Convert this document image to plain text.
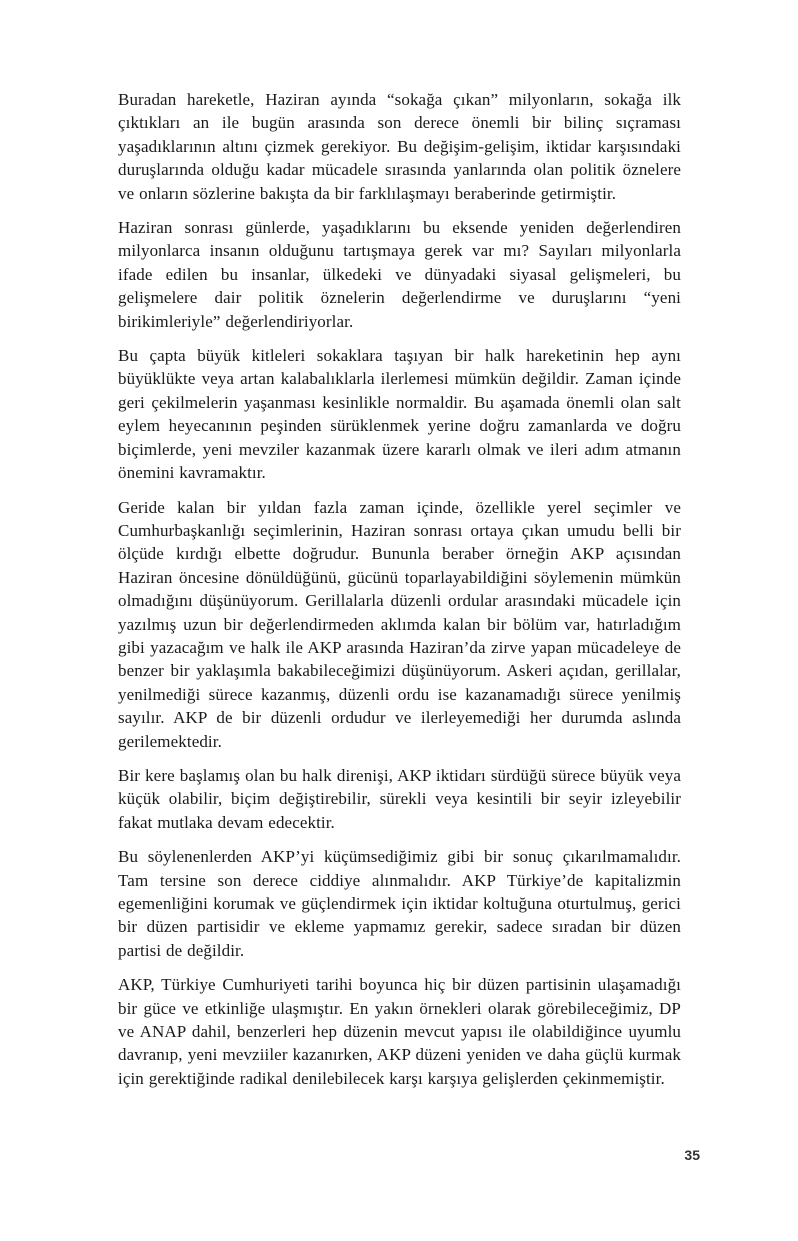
Buradan hareketle, Haziran ayında “sokağa çıkan” milyonların, sokağa ilk çıktıkları an ile bugün arasında son derece önemli bir bilinç sıçraması yaşadıklarının altını çizmek gerekiyor. Bu değişim-gelişim, iktidar karşısındaki duruşlarında olduğu kadar mücadele sırasında yanlarında olan politik öznelere ve onların sözlerine bakışta da bir farklılaşmayı beraberinde getirmiştir.

Haziran sonrası günlerde, yaşadıklarını bu eksende yeniden değerlendiren milyonlarca insanın olduğunu tartışmaya gerek var mı? Sayıları milyonlarla ifade edilen bu insanlar, ülkedeki ve dünyadaki siyasal gelişmeleri, bu gelişmelere dair politik öznelerin değerlendirme ve duruşlarını “yeni birikimleriyle” değerlendiriyorlar.

Bu çapta büyük kitleleri sokaklara taşıyan bir halk hareketinin hep aynı büyüklükte veya artan kalabalıklarla ilerlemesi mümkün değildir. Zaman içinde geri çekilmelerin yaşanması kesinlikle normaldir. Bu aşamada önemli olan salt eylem heyecanının peşinden sürüklenmek yerine doğru zamanlarda ve doğru biçimlerde, yeni mevziler kazanmak üzere kararlı olmak ve ileri adım atmanın önemini kavramaktır.

Geride kalan bir yıldan fazla zaman içinde, özellikle yerel seçimler ve Cumhurbaşkanlığı seçimlerinin, Haziran sonrası ortaya çıkan umudu belli bir ölçüde kırdığı elbette doğrudur. Bununla beraber örneğin AKP açısından Haziran öncesine dönüldüğünü, gücünü toparlayabildiğini söylemenin mümkün olmadığını düşünüyorum. Gerillalarla düzenli ordular arasındaki mücadele için yazılmış uzun bir değerlendirmeden aklımda kalan bir bölüm var, hatırladığım gibi yazacağım ve halk ile AKP arasında Haziran’da zirve yapan mücadeleye de benzer bir yaklaşımla bakabileceğimizi düşünüyorum. Askeri açıdan, gerillalar, yenilmediği sürece kazanmış, düzenli ordu ise kazanamadığı sürece yenilmiş sayılır. AKP de bir düzenli ordudur ve ilerleyemediği her durumda aslında gerilemektedir.

Bir kere başlamış olan bu halk direnişi, AKP iktidarı sürdüğü sürece büyük veya küçük olabilir, biçim değiştirebilir, sürekli veya kesintili bir seyir izleyebilir fakat mutlaka devam edecektir.

Bu söylenenlerden AKP’yi küçümsediğimiz gibi bir sonuç çıkarılmamalıdır. Tam tersine son derece ciddiye alınmalıdır. AKP Türkiye’de kapitalizmin egemenliğini korumak ve güçlendirmek için iktidar koltuğuna oturtulmuş, gerici bir düzen partisidir ve ekleme yapmamız gerekir, sadece sıradan bir düzen partisi de değildir.

AKP, Türkiye Cumhuriyeti tarihi boyunca hiç bir düzen partisinin ulaşamadığı bir güce ve etkinliğe ulaşmıştır. En yakın örnekleri olarak görebileceğimiz, DP ve ANAP dahil, benzerleri hep düzenin mevcut yapısı ile olabildiğince uyumlu davranıp, yeni mevziiler kazanırken, AKP düzeni yeniden ve daha güçlü kurmak için gerektiğinde radikal denilebilecek karşı karşıya gelişlerden çekinmemiştir.

35
